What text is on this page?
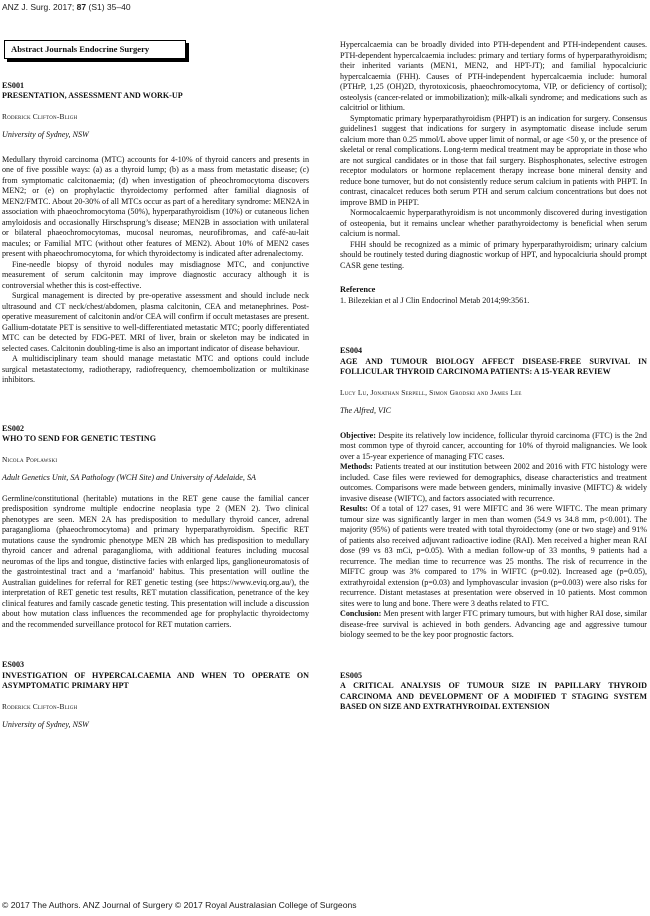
ANZ J. Surg. 2017; 87 (S1) 35–40
Abstract Journals Endocrine Surgery
ES001
PRESENTATION, ASSESSMENT AND WORK-UP
Roderick Clifton-Bligh
University of Sydney, NSW

Medullary thyroid carcinoma (MTC) accounts for 4-10% of thyroid cancers and presents in one of five possible ways: (a) as a thyroid lump; (b) as a mass from metastatic disease; (c) from symptomatic calcitonaemia; (d) when investigation of pheochromocytoma discovers MEN2; or (e) on prophylactic thyroidectomy performed after familial diagnosis of MEN2/FMTC. About 20-30% of all MTCs occur as part of a hereditary syndrome: MEN2A in association with phaeochromocytoma (50%), hyperparathyroidism (10%) or cutaneous lichen amyloidosis and occasionally Hirschsprung’s disease; MEN2B in association with unilateral or bilateral phaeochromocytomas, mucosal neuromas, neurofibromas, and café-au-lait macules; or Familial MTC (without other features of MEN2). About 10% of MEN2 cases present with phaeochromocytoma, for which thyroidectomy is indicated after adrenalectomy.

Fine-needle biopsy of thyroid nodules may misdiagnose MTC, and conjunctive measurement of serum calcitonin may improve diagnostic accuracy although it is controversial whether this is cost-effective.

Surgical management is directed by pre-operative assessment and should include neck ultrasound and CT neck/chest/abdomen, plasma calcitonin, CEA and metanephrines. Post-operative measurement of calcitonin and/or CEA will confirm if occult metastases are present. Gallium-dotatate PET is sensitive to well-differentiated metastatic MTC; poorly differentiated MTC can be detected by FDG-PET. MRI of liver, brain or skeleton may be indicated in selected cases. Calcitonin doubling-time is also an important indicator of disease behaviour.

A multidisciplinary team should manage metastatic MTC and options could include surgical metastatectomy, radiotherapy, radiofrequency, chemoembolization or multikinase inhibitors.

ES002
WHO TO SEND FOR GENETIC TESTING
Nicola Poplawski
Adult Genetics Unit, SA Pathology (WCH Site) and University of Adelaide, SA

Germline/constitutional (heritable) mutations in the RET gene cause the familial cancer predisposition syndrome multiple endocrine neoplasia type 2 (MEN 2). Two clinical phenotypes are seen. MEN 2A has predisposition to medullary thyroid cancer, adrenal paraganglioma (phaeochromocytoma) and primary hyperparathyroidism. Specific RET mutations cause the syndromic phenotype MEN 2B which has predisposition to medullary thyroid cancer and adrenal paraganglioma, with additional features including mucosal neuromas of the lips and tongue, distinctive facies with enlarged lips, ganglioneuromatosis of the gastrointestinal tract and a ‘marfanoid’ habitus. This presentation will outline the Australian guidelines for referral for RET genetic testing (see https://www.eviq.org.au/), the interpretation of RET genetic test results, RET mutation classification, penetrance of the key clinical features and family cascade genetic testing. This presentation will include a discussion about how mutation class influences the recommended age for prophylactic thyroidectomy and the recommended surveillance protocol for RET mutation carriers.

ES003
INVESTIGATION OF HYPERCALCAEMIA AND WHEN TO OPERATE ON ASYMPTOMATIC PRIMARY HPT
Roderick Clifton-Bligh
University of Sydney, NSW

Hypercalcaemia can be broadly divided into PTH-dependent and PTH-independent causes. PTH-dependent hypercalcaemia includes: primary and tertiary forms of hyperparathyroidism; their inherited variants (MEN1, MEN2, and HPT-JT); and familial hypocalciuric hypercalcaemia (FHH). Causes of PTH-independent hypercalcaemia include: humoral (PTHrP, 1,25 (OH)2D, thyrotoxicosis, phaeochromocytoma, VIP, or deficiency of cortisol); osteolysis (cancer-related or immobilization); milk-alkali syndrome; and medications such as calcitriol or lithium.

Symptomatic primary hyperparathyroidism (PHPT) is an indication for surgery. Consensus guidelines1 suggest that indications for surgery in asymptomatic disease include serum calcium more than 0.25 mmol/L above upper limit of normal, or age <50 y, or the presence of skeletal or renal complications. Long-term medical treatment may be appropriate in those who are not surgical candidates or in those that fail surgery. Bisphosphonates, selective estrogen receptor modulators or hormone replacement therapy increase bone mineral density and reduce bone turnover, but do not consistently reduce serum calcium in patients with PHPT. In contrast, cinacalcet reduces both serum PTH and serum calcium concentrations but does not improve BMD in PHPT.

Normocalcaemic hyperparathyroidism is not uncommonly discovered during investigation of osteopenia, but it remains unclear whether parathyroidectomy is beneficial when serum calcium is normal.

FHH should be recognized as a mimic of primary hyperparathyroidism; urinary calcium should be routinely tested during diagnostic workup of HPT, and hypocalciuria should prompt CASR gene testing.

Reference
1. Bilezekian et al J Clin Endocrinol Metab 2014;99:3561.
ES004
AGE AND TUMOUR BIOLOGY AFFECT DISEASE-FREE SURVIVAL IN FOLLICULAR THYROID CARCINOMA PATIENTS: A 15-YEAR REVIEW
Lucy Lu, Jonathan Serpell, Simon Grodski and James Lee
The Alfred, VIC
Objective: Despite its relatively low incidence, follicular thyroid carcinoma (FTC) is the 2nd most common type of thyroid cancer, accounting for 10% of thyroid malignancies. We look over a 15-year experience of managing FTC cases.
Methods: Patients treated at our institution between 2002 and 2016 with FTC histology were included. Case files were reviewed for demographics, disease characteristics and treatment outcomes. Comparisons were made between genders, minimally invasive (MIFTC) & widely invasive disease (WIFTC), and factors associated with recurrence.
Results: Of a total of 127 cases, 91 were MIFTC and 36 were WIFTC. The mean primary tumour size was significantly larger in men than women (54.9 vs 34.8 mm, p<0.001). The majority (95%) of patients were treated with total thyroidectomy (one or two stage) and 91% of patients also received adjuvant radioactive iodine (RAI). Men received a higher mean RAI dose (99 vs 83 mCi, p=0.05). With a median follow-up of 33 months, 9 patients had a recurrence. The median time to recurrence was 25 months. The risk of recurrence in the MIFTC group was 3% compared to 17% in WIFTC (p=0.02). Increased age (p=0.05), extrathyroidal extension (p=0.03) and lymphovascular invasion (p=0.003) were also risks for recurrence. Distant metastases at presentation were observed in 10 patients. Most common sites were to lung and bone. There were 3 deaths related to FTC.
Conclusion: Men present with larger FTC primary tumours, but with higher RAI dose, similar disease-free survival is achieved in both genders. Advancing age and aggressive tumour biology seemed to be the key poor prognostic factors.
ES005
A CRITICAL ANALYSIS OF TUMOUR SIZE IN PAPILLARY THYROID CARCINOMA AND DEVELOPMENT OF A MODIFIED T STAGING SYSTEM BASED ON SIZE AND EXTRATHYROIDAL EXTENSION
© 2017 The Authors. ANZ Journal of Surgery © 2017 Royal Australasian College of Surgeons
